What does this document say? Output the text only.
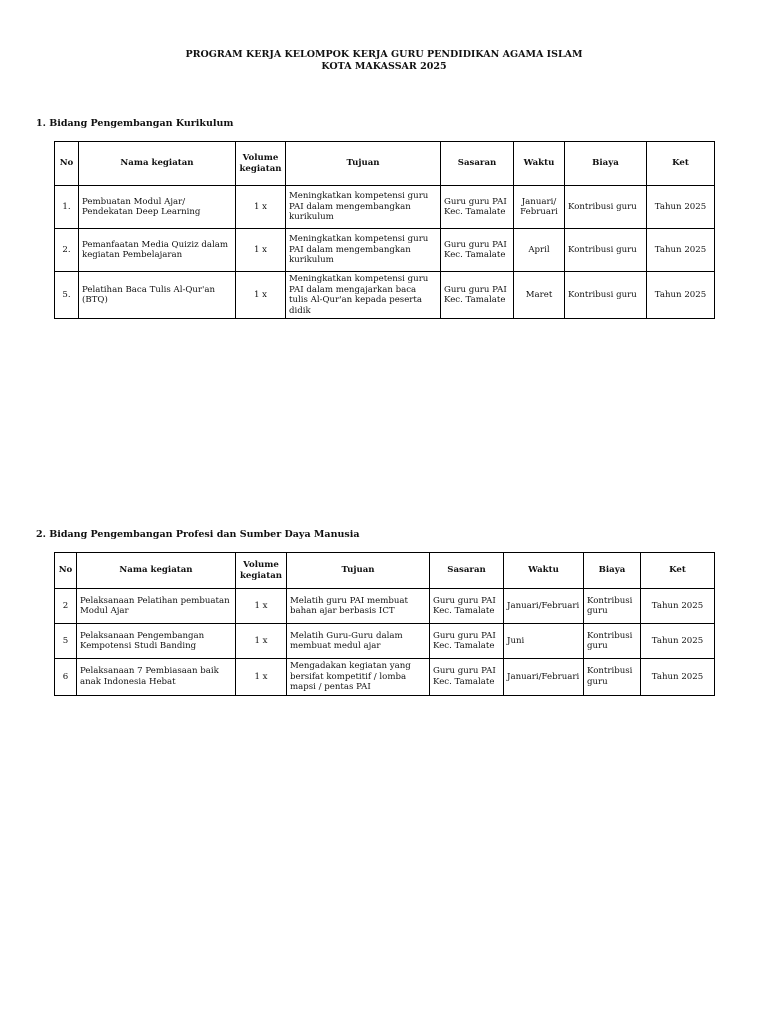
PROGRAM KERJA KELOMPOK KERJA GURU PENDIDIKAN AGAMA ISLAM
KOTA MAKASSAR 2025
1. Bidang Pengembangan Kurikulum
No	Nama kegiatan	Volume kegiatan	Tujuan	Sasaran	Waktu	Biaya	Ket
1.	Pembuatan Modul Ajar/ Pendekatan Deep Learning	1 x	Meningkatkan kompetensi guru PAI dalam mengembangkan kurikulum	Guru guru PAI Kec. Tamalate	Januari/ Februari	Kontribusi guru	Tahun 2025
2.	Pemanfaatan Media Quiziz dalam kegiatan Pembelajaran	1 x	Meningkatkan kompetensi guru PAI dalam mengembangkan kurikulum	Guru guru PAI Kec. Tamalate	April	Kontribusi guru	Tahun 2025
5.	Pelatihan Baca Tulis Al-Qur'an (BTQ)	1 x	Meningkatkan kompetensi guru PAI dalam mengajarkan baca tulis Al-Qur'an kepada peserta didik	Guru guru PAI Kec. Tamalate	Maret	Kontribusi guru	Tahun 2025
2. Bidang Pengembangan Profesi dan Sumber Daya Manusia
No	Nama kegiatan	Volume kegiatan	Tujuan	Sasaran	Waktu	Biaya	Ket
2	Pelaksanaan Pelatihan pembuatan Modul Ajar	1 x	Melatih guru PAI membuat bahan ajar berbasis ICT	Guru guru PAI Kec. Tamalate	Januari/Februari	Kontribusi guru	Tahun 2025
5	Pelaksanaan Pengembangan Kempotensi Studi Banding	1 x	Melatih Guru-Guru dalam membuat medul ajar	Guru guru PAI Kec. Tamalate	Juni	Kontribusi guru	Tahun 2025
6	Pelaksanaan 7 Pembiasaan baik anak Indonesia Hebat	1 x	Mengadakan kegiatan yang bersifat kompetitif / lomba mapsi / pentas PAI	Guru guru PAI Kec. Tamalate	Januari/Februari	Kontribusi guru	Tahun 2025
